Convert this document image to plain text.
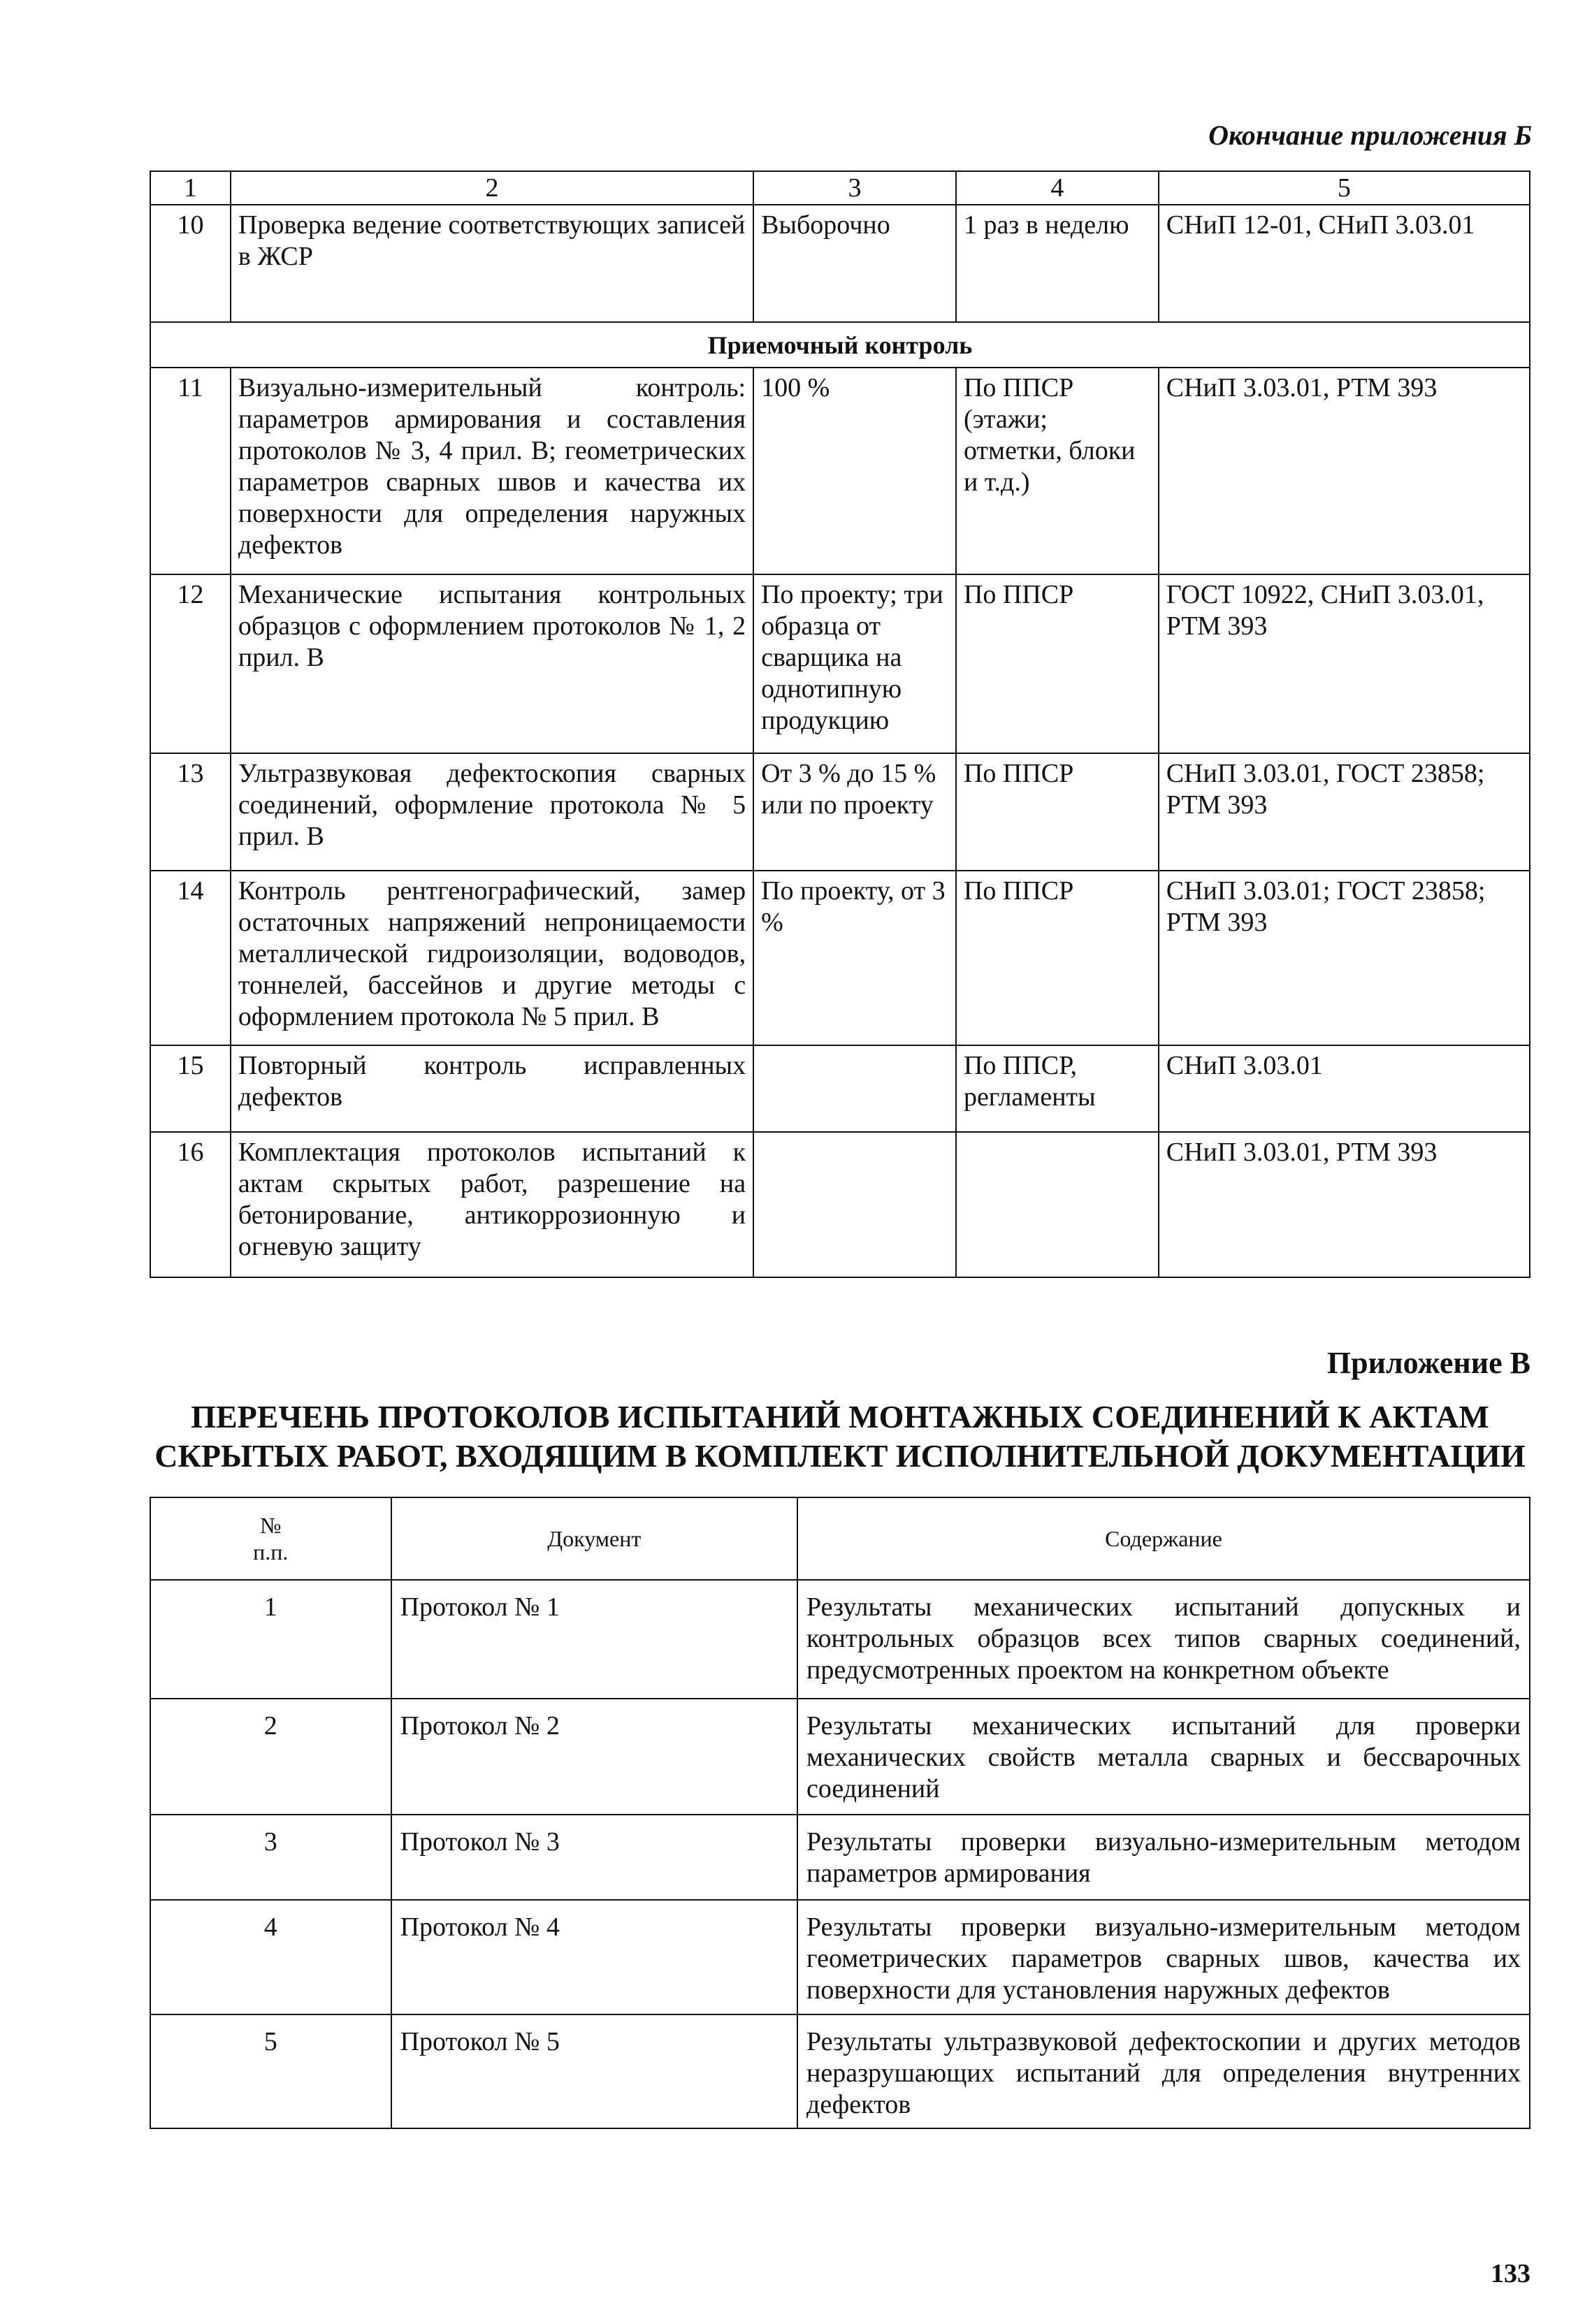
Окончание приложения Б
1	2	3	4	5
10	Проверка ведение соответствующих записей в ЖСР	Выборочно	1 раз в неделю	СНиП 12-01, СНиП 3.03.01
Приемочный контроль				
11	Визуально-измерительный контроль: параметров армирования и составления протоколов № 3, 4 прил. В; геометрических параметров сварных швов и качества их поверхности для определения наружных дефектов	100 %	По ППСР (этажи; отметки, блоки и т.д.)	СНиП 3.03.01, РТМ 393
12	Механические испытания контрольных образцов с оформлением протоколов № 1, 2 прил. В	По проекту; три образца от сварщика на однотипную продукцию	По ППСР	ГОСТ 10922, СНиП 3.03.01, РТМ 393
13	Ультразвуковая дефектоскопия сварных соединений, оформление протокола № 5 прил. В	От 3 % до 15 % или по проекту	По ППСР	СНиП 3.03.01, ГОСТ 23858; РТМ 393
14	Контроль рентгенографический, замер остаточных напряжений непроницаемости металлической гидроизоляции, водоводов, тоннелей, бассейнов и другие методы с оформлением протокола № 5 прил. В	По проекту, от 3 %	По ППСР	СНиП 3.03.01; ГОСТ 23858; РТМ 393
15	Повторный контроль исправленных дефектов		По ППСР, регламенты	СНиП 3.03.01
16	Комплектация протоколов испытаний к актам скрытых работ, разрешение на бетонирование, антикоррозионную и огневую защиту			СНиП 3.03.01, РТМ 393
Приложение В
ПЕРЕЧЕНЬ ПРОТОКОЛОВ ИСПЫТАНИЙ МОНТАЖНЫХ СОЕДИНЕНИЙ К АКТАМ
СКРЫТЫХ РАБОТ, ВХОДЯЩИМ В КОМПЛЕКТ ИСПОЛНИТЕЛЬНОЙ ДОКУМЕНТАЦИИ
№
п.п.	Документ	Содержание
1	Протокол № 1	Результаты механических испытаний допускных и контрольных образцов всех типов сварных соединений, предусмотренных проектом на конкретном объекте
2	Протокол № 2	Результаты механических испытаний для проверки механических свойств металла сварных и бессварочных соединений
3	Протокол № 3	Результаты проверки визуально-измерительным методом параметров армирования
4	Протокол № 4	Результаты проверки визуально-измерительным методом геометрических параметров сварных швов, качества их поверхности для установления наружных дефектов
5	Протокол № 5	Результаты ультразвуковой дефектоскопии и других методов неразрушающих испытаний для определения внутренних дефектов
133
